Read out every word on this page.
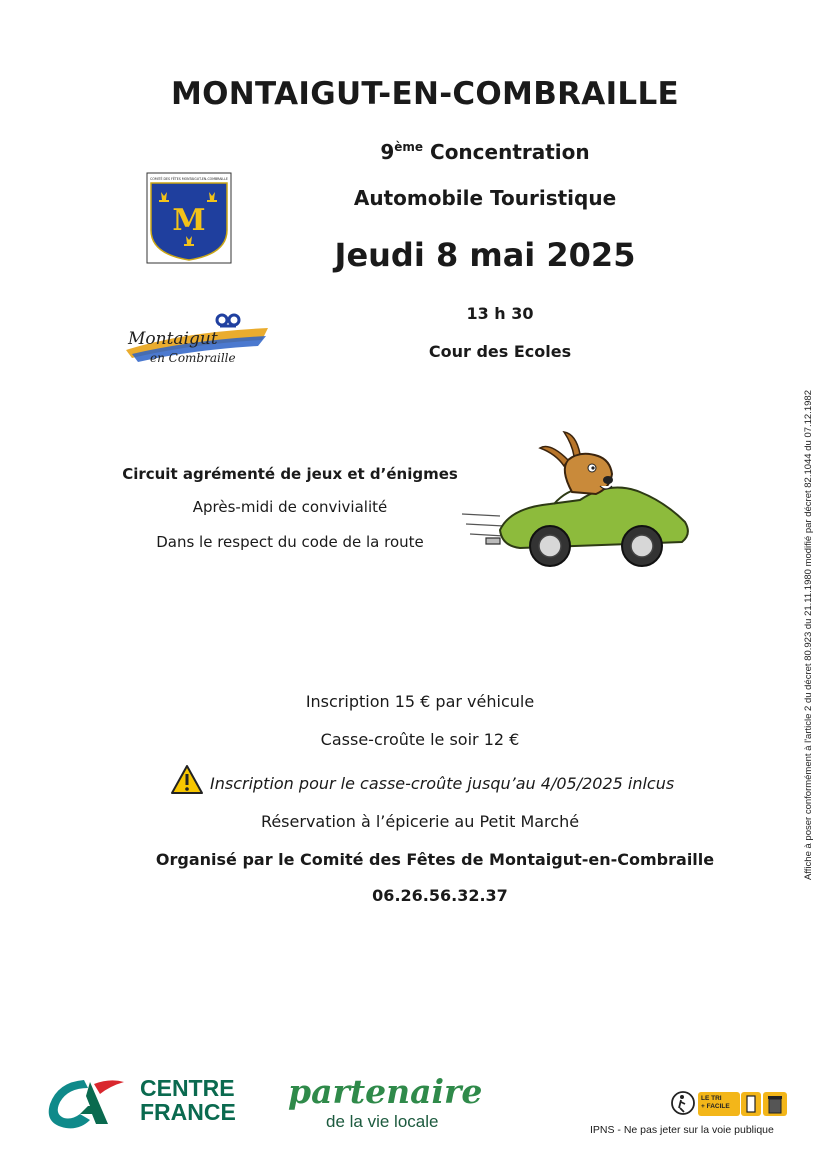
MONTAIGUT-EN-COMBRAILLE
9ème Concentration
Automobile Touristique
Jeudi 8 mai 2025
13 h 30
Cour des Ecoles
COMITÉ DES FÊTES MONTAIGUT-EN-COMBRAILLE
M
Montaigut
en Combraille
Circuit agrémenté de jeux et d’énigmes
Après-midi de convivialité
Dans le respect du code de la route
Inscription 15 € par véhicule
Casse-croûte le soir 12 €
Inscription pour le casse-croûte jusqu’au 4/05/2025 inlcus
Réservation à l’épicerie au Petit Marché
Organisé par le Comité des Fêtes de Montaigut-en-Combraille
06.26.56.32.37
Affiche à poser conformément à l'article 2 du décret 80.923 du 21.11.1980 modifié par décret 82.1044 du 07.12.1982
CENTRE
FRANCE
partenaire
de la vie locale
LE TRI
+ FACILE
IPNS - Ne pas jeter sur la voie publique
